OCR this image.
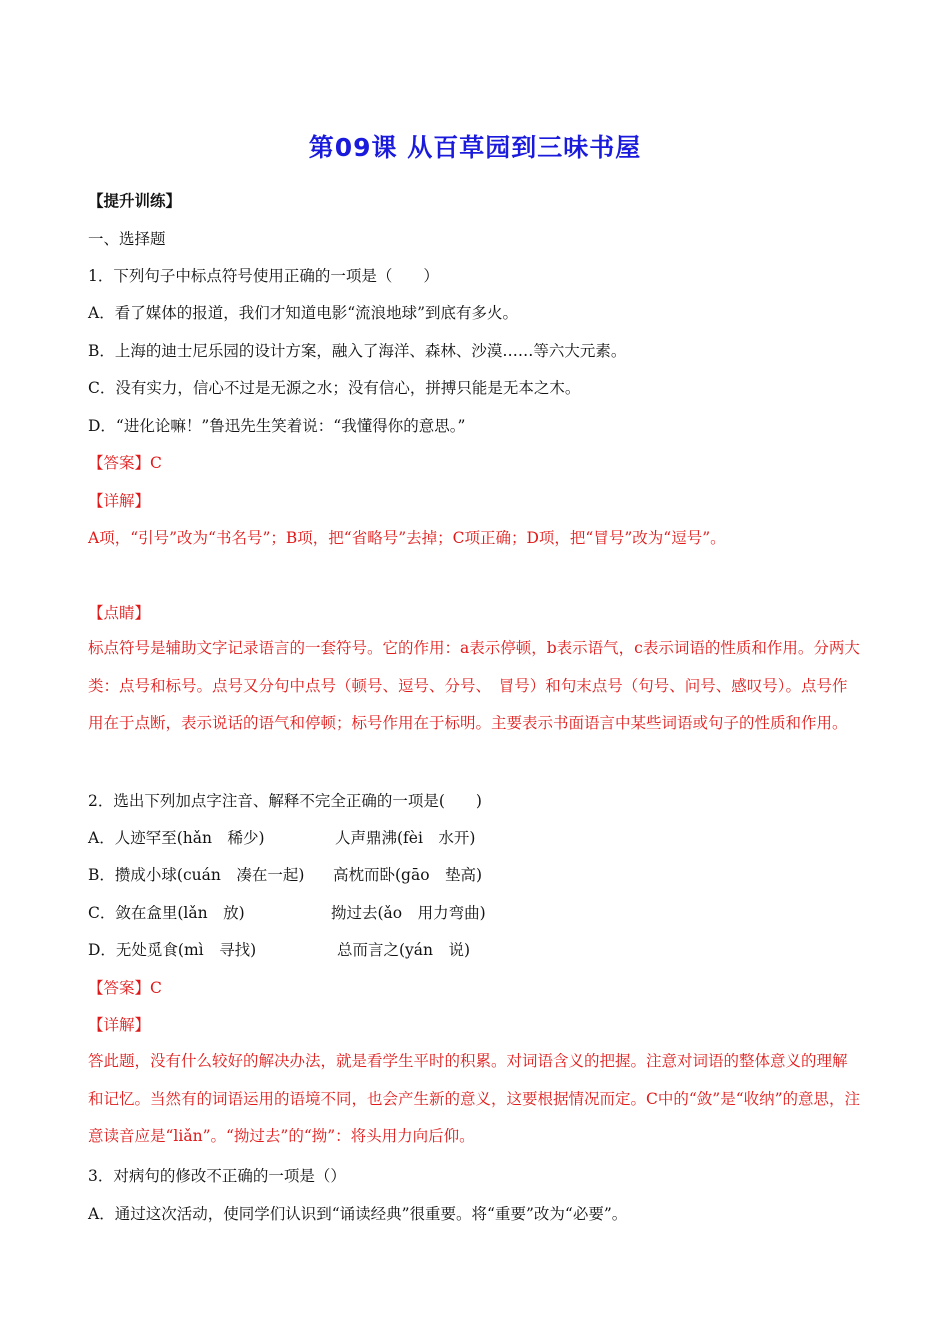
第09课 从百草园到三味书屋
【提升训练】
一、选择题
1．下列句子中标点符号使用正确的一项是（　　）
A．看了媒体的报道，我们才知道电影“流浪地球”到底有多火。
B．上海的迪士尼乐园的设计方案，融入了海洋、森林、沙漠……等六大元素。
C．没有实力，信心不过是无源之水；没有信心，拼搏只能是无本之木。
D．“进化论嘛！”鲁迅先生笑着说：“我懂得你的意思。”
【答案】C
【详解】
A项，“引号”改为“书名号”；B项，把“省略号”去掉；C项正确；D项，把“冒号”改为“逗号”。
【点睛】
标点符号是辅助文字记录语言的一套符号。它的作用：a表示停顿，b表示语气，c表示词语的性质和作用。分两大类：点号和标号。点号又分句中点号（顿号、逗号、分号、　冒号）和句末点号（句号、问号、感叹号）。点号作用在于点断，表示说话的语气和停顿；标号作用在于标明。主要表示书面语言中某些词语或句子的性质和作用。
2．选出下列加点字注音、解释不完全正确的一项是(　　)
A．人迹罕至(hǎn　稀少)	人声鼎沸(fèi　水开)
B．攒成小球(cuán　凑在一起) 高枕而卧(gāo　垫高)
C．敛在盒里(lǎn　放)	拗过去(ǎo　用力弯曲)
D．无处觅食(mì　寻找)	总而言之(yán　说)
【答案】C
【详解】
答此题，没有什么较好的解决办法，就是看学生平时的积累。对词语含义的把握。注意对词语的整体意义的理解和记忆。当然有的词语运用的语境不同，也会产生新的意义，这要根据情况而定。C中的“敛”是“收纳”的意思，注意读音应是“liǎn”。“拗过去”的“拗”：将头用力向后仰。
3．对病句的修改不正确的一项是（）
A．通过这次活动，使同学们认识到“诵读经典”很重要。将“重要”改为“必要”。
